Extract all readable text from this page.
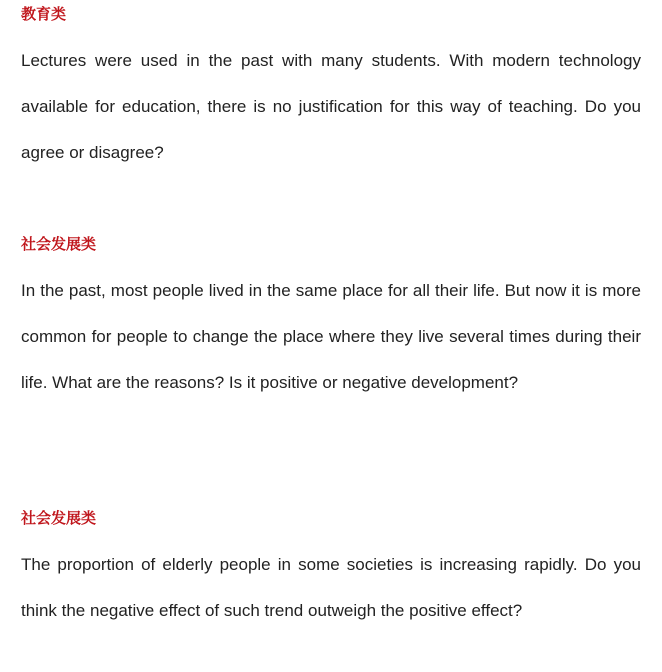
教育类

Lectures were used in the past with many students. With modern technology available for education, there is no justification for this way of teaching. Do you agree or disagree?

社会发展类

In the past, most people lived in the same place for all their life. But now it is more common for people to change the place where they live several times during their life. What are the reasons? Is it positive or negative development?

社会发展类

The proportion of elderly people in some societies is increasing rapidly. Do you think the negative effect of such trend outweigh the positive effect?
